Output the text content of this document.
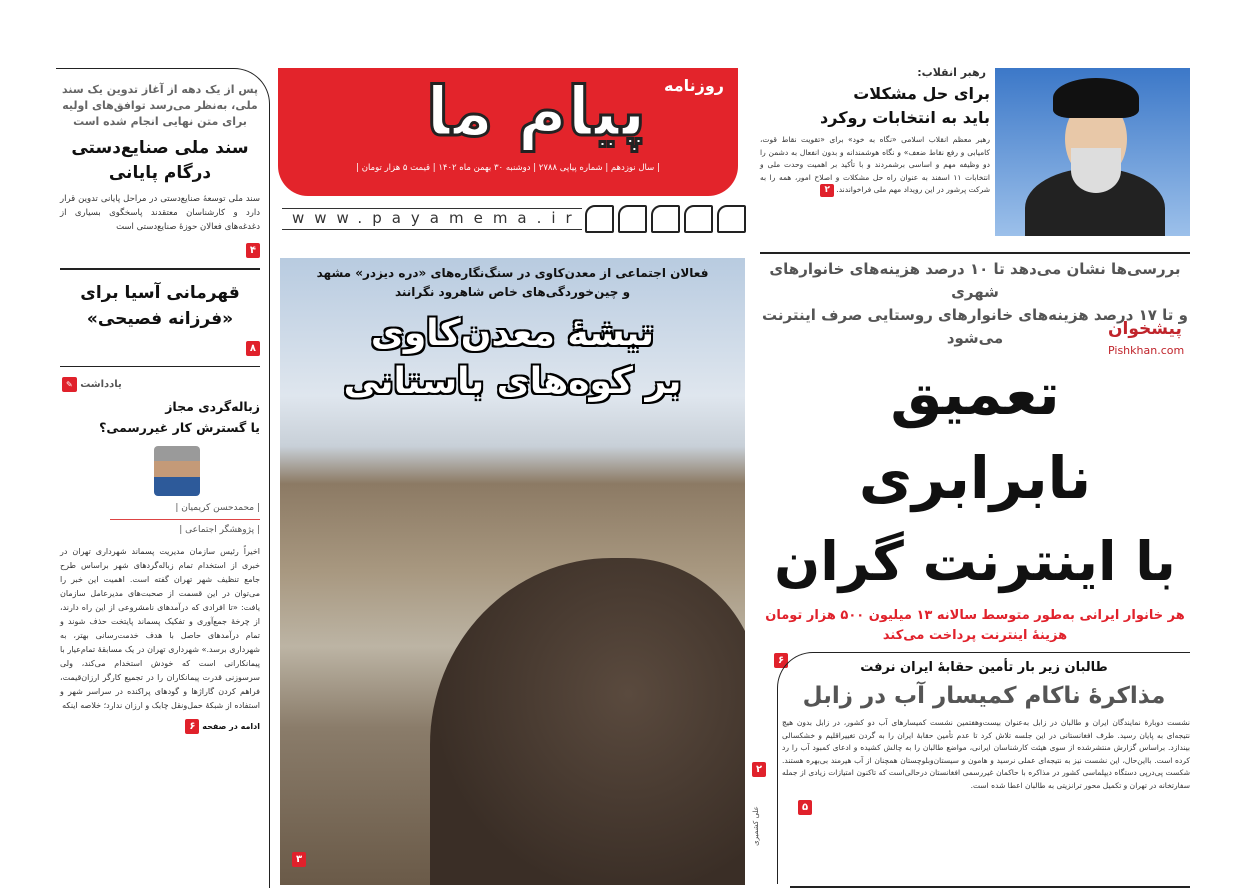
پس از یک دهه از آغاز تدوین یک سند ملی، به‌نظر می‌رسد توافق‌های اولیه برای متن نهایی انجام شده است
سند ملی صنایع‌دستی
درگام پایانی
سند ملی توسعهٔ صنایع‌دستی در مراحل پایانی تدوین قرار دارد و کارشناسان معتقدند پاسخگوی بسیاری از دغدغه‌های فعالان حوزهٔ صنایع‌دستی است
۴
قهرمانی آسیا برای
«فرزانه فصیحی»
۸
یادداشت ✎
زباله‌گردی مجاز
یا گسترش کار غیررسمی؟
| محمدحسن کریمیان |
| پژوهشگر اجتماعی |
اخیراً رئیس سازمان مدیریت پسماند شهرداری تهران در خبری از استخدام تمام زباله‌گردهای شهر براساس طرح جامع تنظیف شهر تهران گفته است. اهمیت این خبر را می‌توان در این قسمت از صحبت‌های مدیرعامل سازمان یافت: «تا افرادی که درآمدهای نامشروعی از این راه دارند، از چرخهٔ جمع‌آوری و تفکیک پسماند پایتخت حذف شوند و تمام درآمدهای حاصل با هدف خدمت‌رسانی بهتر، به شهرداری برسد.» شهرداری تهران در یک مسابقهٔ تمام‌عیار با پیمانکارانی است که خودش استخدام می‌کند، ولی سرسوزنی قدرت پیمانکاران را در تجمیع کارگر ارزان‌قیمت، فراهم کردن گاراژها و گودهای پراکنده در سراسر شهر و استفاده از شبکهٔ حمل‌ونقل چابک و ارزان ندارد؛ خلاصه اینکه
ادامه در صفحه ۶
روزنامه
پیام ما
| سال نوزدهم | شماره پیاپی ۲۷۸۸ | دوشنبه ۳۰ بهمن ماه ۱۴۰۲ | قیمت ۵ هزار تومان |
www.payamema.ir
فعالان اجتماعی از معدن‌کاوی در سنگ‌نگاره‌های «دره دیزدر» مشهد
و چین‌خوردگی‌های خاص شاهرود نگرانند
تیشهٔ معدن‌کاوی
بر کوه‌های باستانی
۳
۲
علی کشمیری
رهبر انقلاب:
برای حل مشکلات
باید به انتخابات روکرد
رهبر معظم انقلاب اسلامی «نگاه به خود» برای «تقویت نقاط قوت، کامیابی و رفع نقاط ضعف» و نگاه هوشمندانه و بدون انفعال به دشمن را دو وظیفه مهم و اساسی برشمردند و با تأکید بر اهمیت وحدت ملی و انتخابات ۱۱ اسفند به عنوان راه حل مشکلات و اصلاح امور، همه را به شرکت پرشور در این رویداد مهم ملی فراخواندند. ۲
بررسی‌ها نشان می‌دهد تا ۱۰ درصد هزینه‌های خانوارهای شهری
و تا ۱۷ درصد هزینه‌های خانوارهای روستایی صرف اینترنت می‌شود
تعمیق
نابرابری
با اینترنت گران
هر خانوار ایرانی به‌طور متوسط سالانه ۱۳ میلیون ۵۰۰ هزار تومان
هزینهٔ اینترنت پرداخت می‌کند
۶
پیشخوان
Pishkhan.com
طالبان زیر بار تأمین حقابهٔ ایران نرفت
مذاکرهٔ ناکام کمیسار آب در زابل
نشست دوبارهٔ نمایندگان ایران و طالبان در زابل به‌عنوان بیست‌وهفتمین نشست کمیسارهای آب دو کشور، در زابل بدون هیچ نتیجه‌ای به پایان رسید. طرف افغانستانی در این جلسه تلاش کرد تا عدم تأمین حقابهٔ ایران را به گردن تغییراقلیم و خشکسالی بیندازد. براساس گزارش منتشرشده از سوی هیئت کارشناسان ایرانی، مواضع طالبان را به چالش کشیده و ادعای کمبود آب را رد کرده است. بااین‌حال، این نشست نیز به نتیجه‌ای عملی نرسید و هامون و سیستان‌وبلوچستان همچنان از آب هیرمند بی‌بهره هستند. شکست پی‌درپی دستگاه دیپلماسی کشور در مذاکره با حاکمان غیررسمی افغانستان درحالی‌است که تاکنون امتیازات زیادی از جمله سفارتخانه در تهران و تکمیل محور ترانزیتی به طالبان اعطا شده است.
۵
